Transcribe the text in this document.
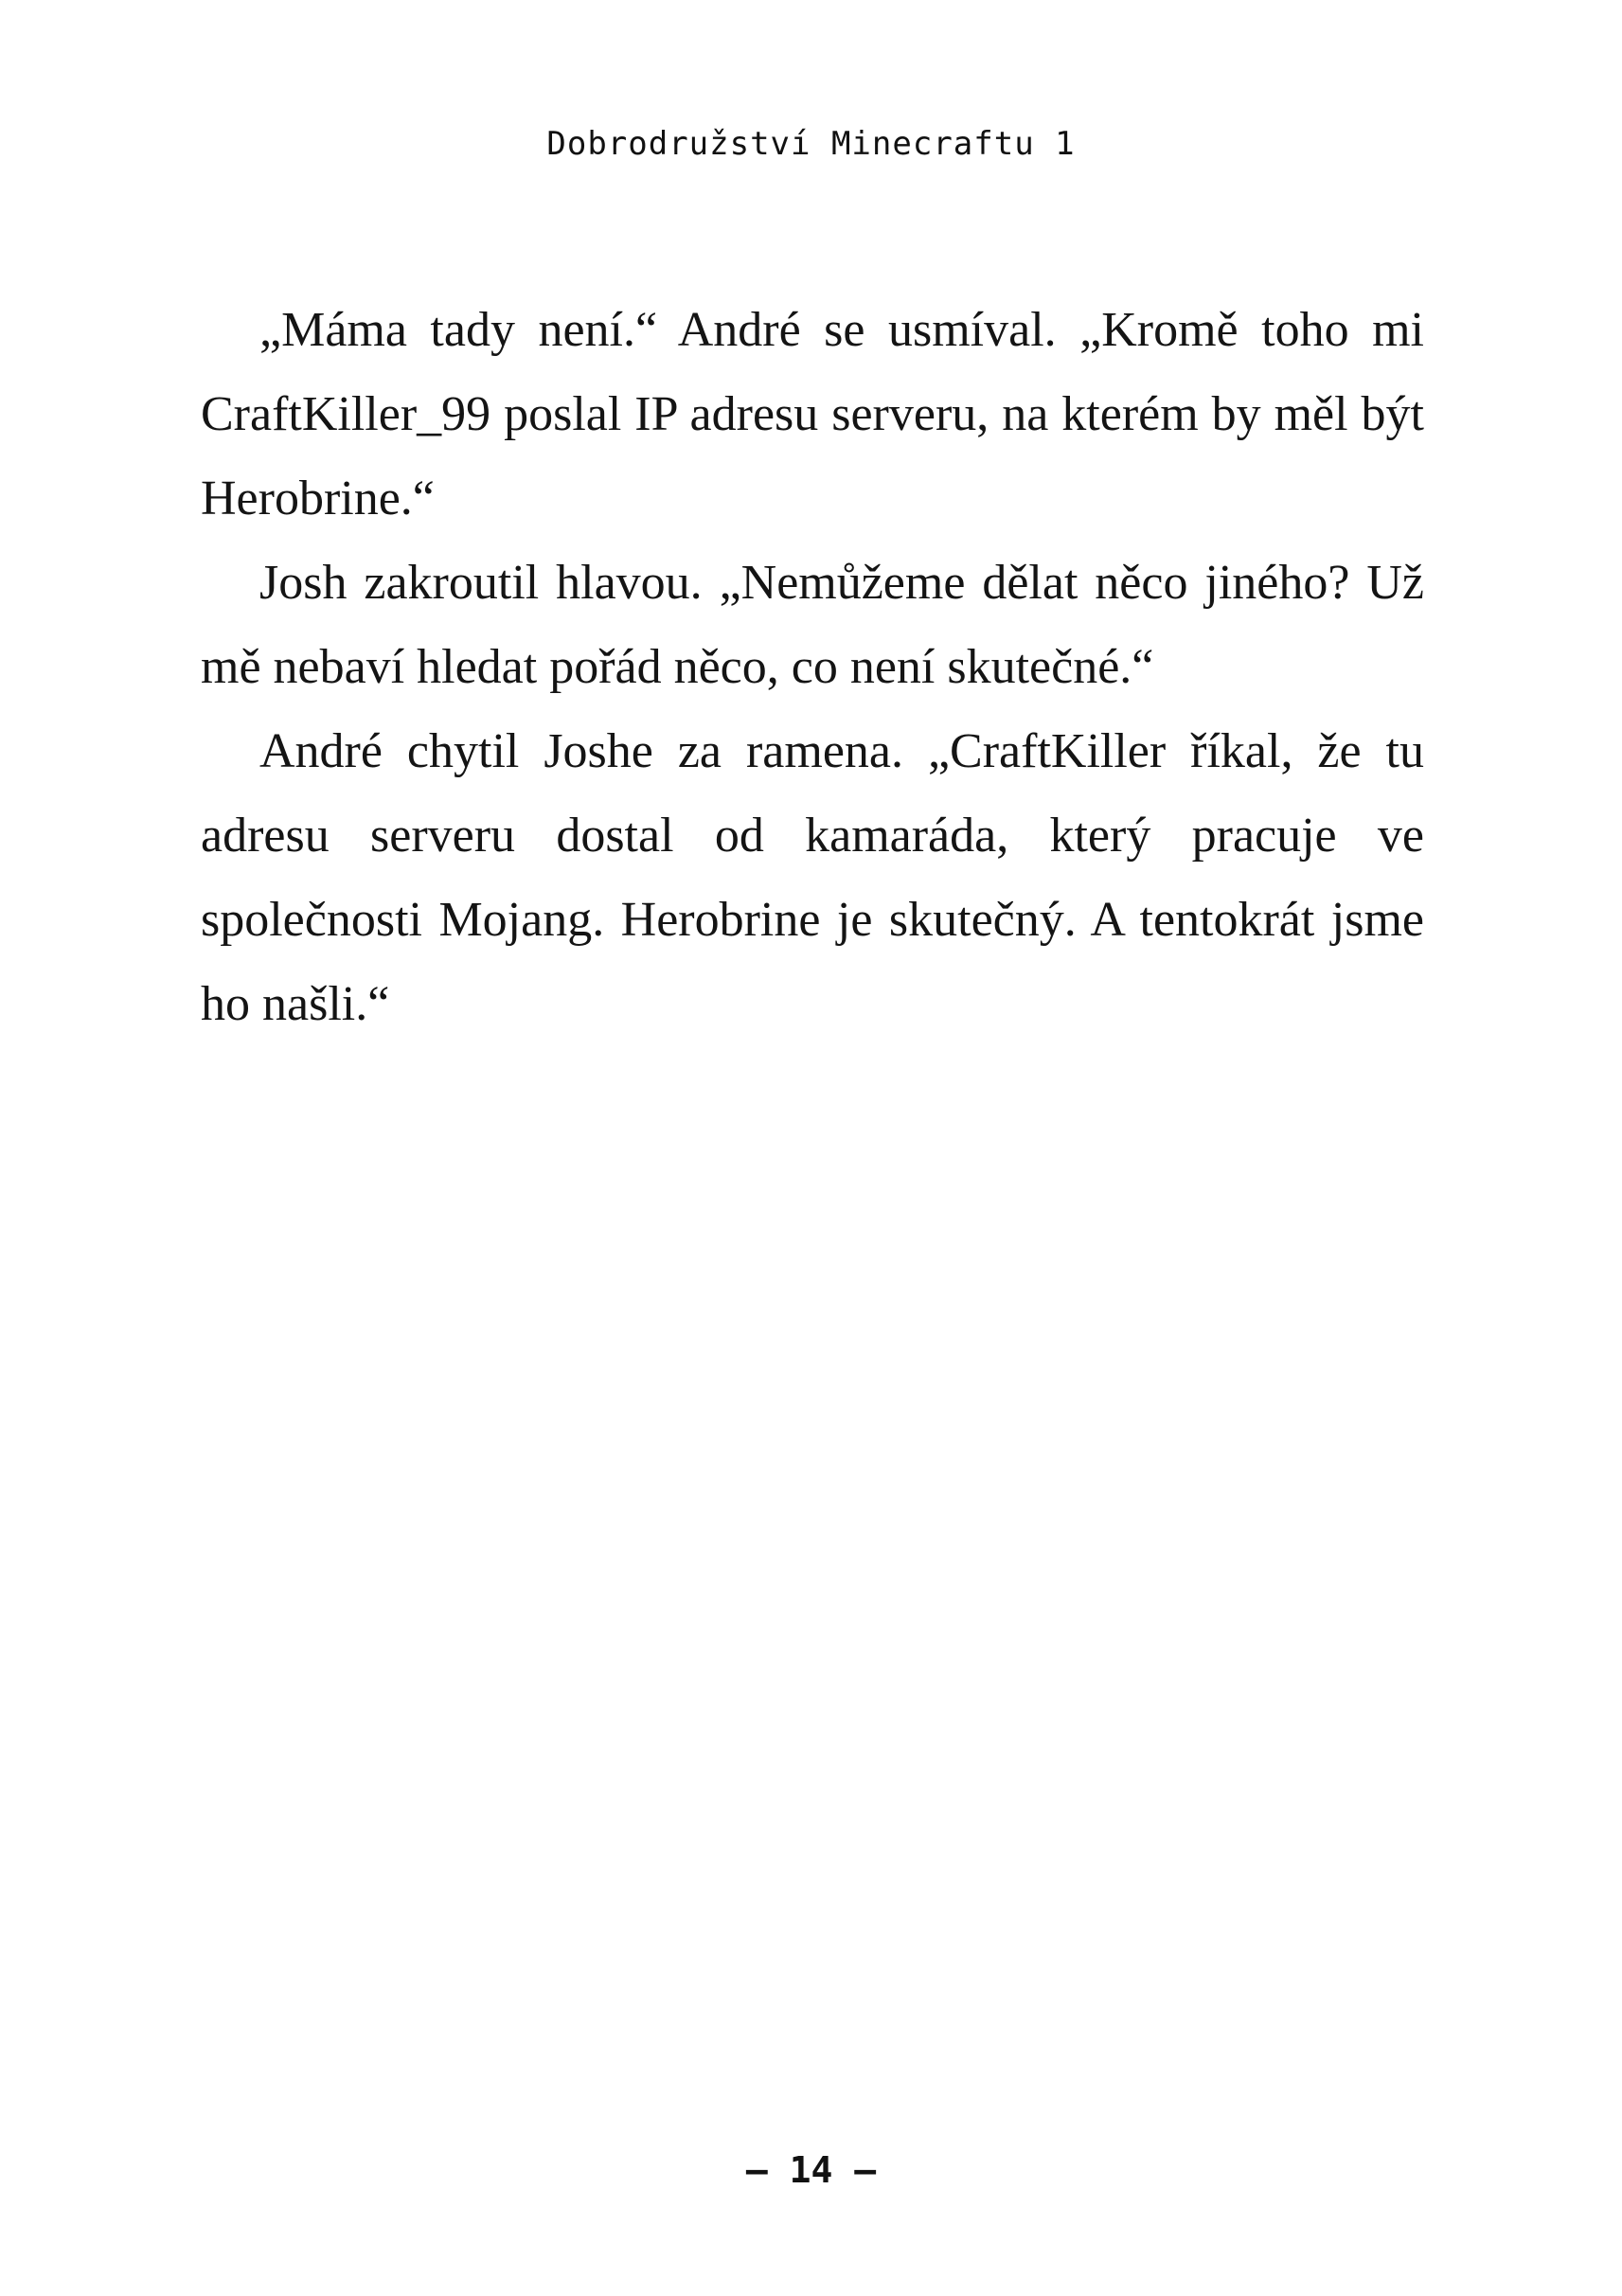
Dobrodružství Minecraftu 1

„Máma tady není.“ André se usmíval. „Kromě toho mi CraftKiller_99 poslal IP adresu serveru, na kterém by měl být Herobrine.“

Josh zakroutil hlavou. „Nemůžeme dělat něco jiného? Už mě nebaví hledat pořád něco, co není skutečné.“

André chytil Joshe za ramena. „CraftKiller říkal, že tu adresu serveru dostal od kamaráda, který pracuje ve společnosti Mojang. Herobrine je skutečný. A tentokrát jsme ho našli.“

– 14 –
